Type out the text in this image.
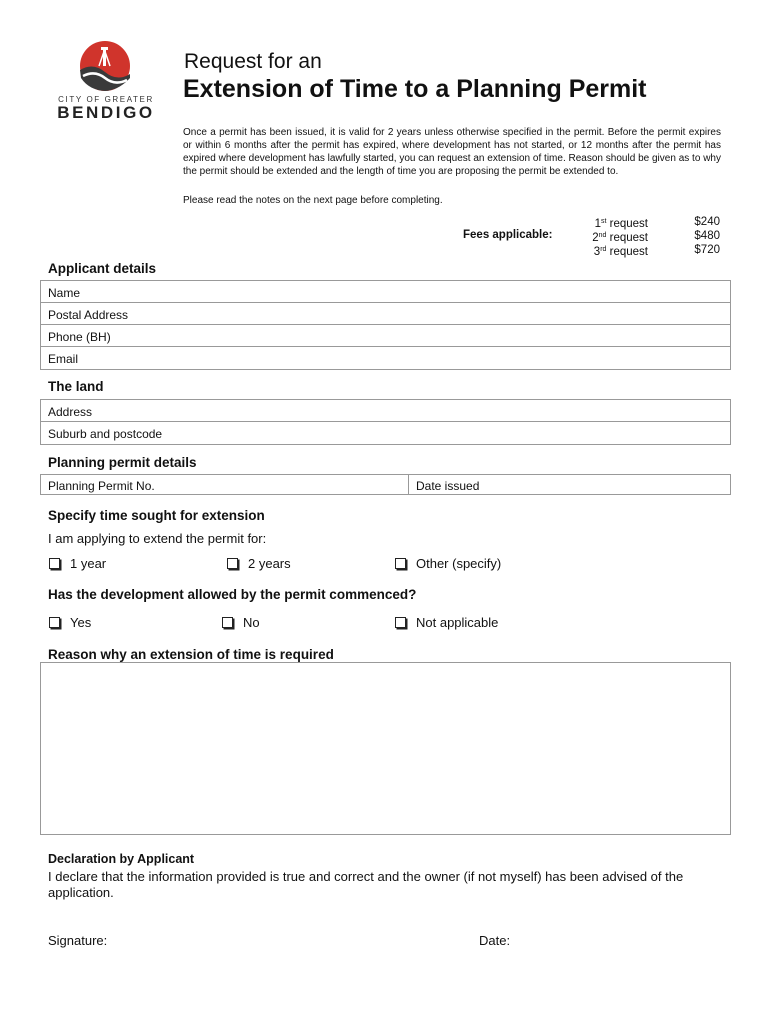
CITY OF GREATER
BENDIGO
Request for an
Extension of Time to a Planning Permit
Once a permit has been issued, it is valid for 2 years unless otherwise specified in the permit. Before the permit expires or within 6 months after the permit has expired, where development has not started, or 12 months after the permit has expired where development has lawfully started, you can request an extension of time. Reason should be given as to why the permit should be extended and the length of time you are proposing the permit be extended to.
Please read the notes on the next page before completing.
Fees applicable:
1st request	$240
2nd request	$480
3rd request	$720
Applicant details
Name
Postal Address
Phone (BH)
Email
The land
Address
Suburb and postcode
Planning permit details
Planning Permit No.	Date issued
Specify time sought for extension
I am applying to extend the permit for:
1 year	2 years	Other (specify)
Has the development allowed by the permit commenced?
Yes	No	Not applicable
Reason why an extension of time is required
Declaration by Applicant
I declare that the information provided is true and correct and the owner (if not myself) has been advised of the application.
Signature:	Date:
